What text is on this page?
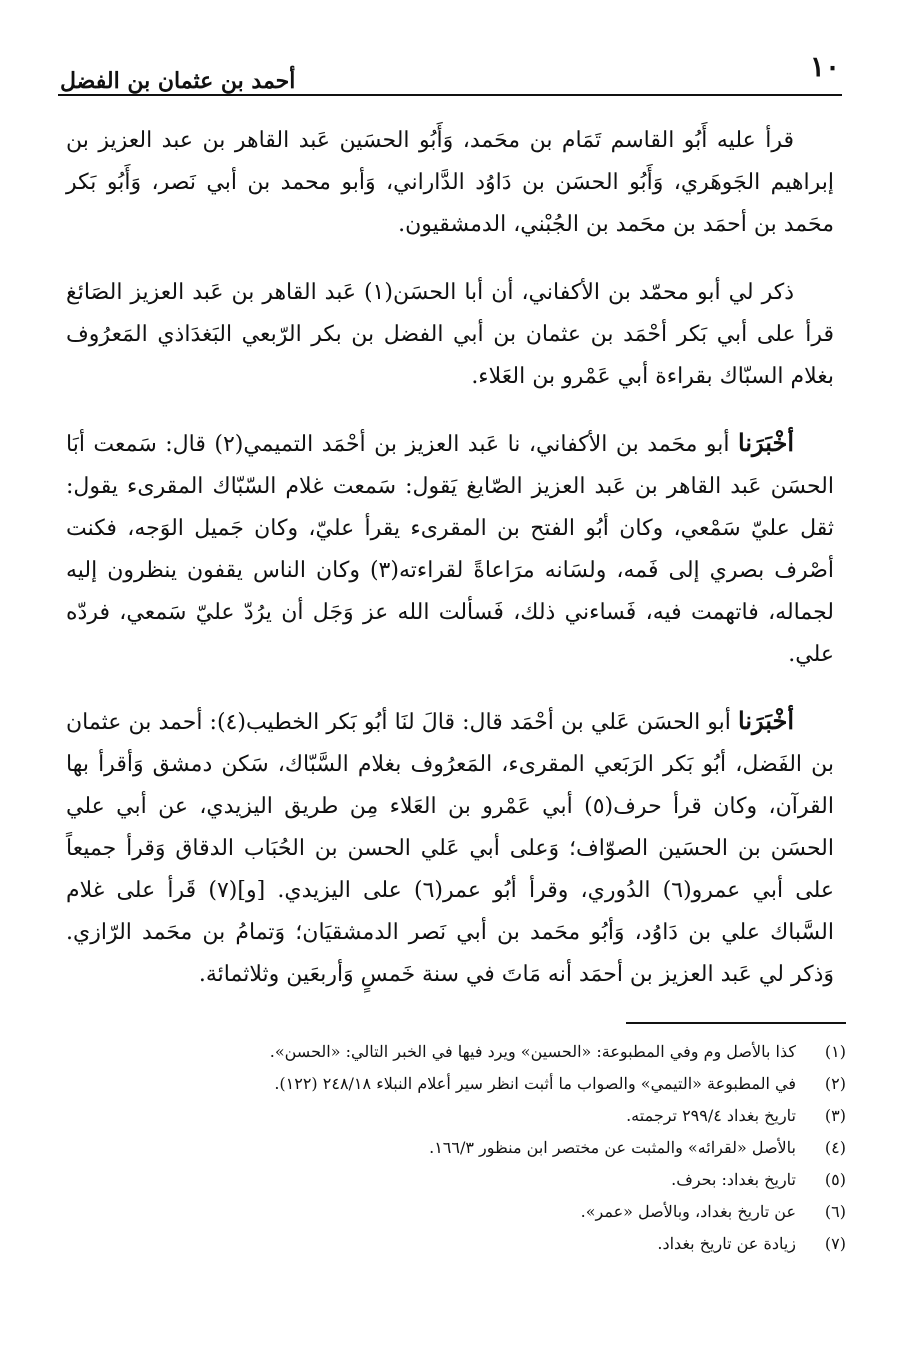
١٠
أحمد بن عثمان بن الفضل

قرأ عليه أَبُو القاسم تَمَام بن محَمد، وَأَبُو الحسَين عَبد القاهر بن عبد العزيز بن إبراهيم الجَوهَري، وَأَبُو الحسَن بن دَاوُد الدَّاراني، وَأبو محمد بن أبي نَصر، وَأَبُو بَكر محَمد بن أحمَد بن محَمد بن الجُبْني، الدمشقيون.

ذكر لي أبو محمّد بن الأكفاني، أن أبا الحسَن(١) عَبد القاهر بن عَبد العزيز الصَائغ قرأ على أبي بَكر أحْمَد بن عثمان بن أبي الفضل بن بكر الرّبعي البَغدَاذي المَعرُوف بغلام السبّاك بقراءة أبي عَمْرو بن العَلاء.

أخْبَرَنا أبو محَمد بن الأكفاني، نا عَبد العزيز بن أحْمَد التميمي(٢) قال: سَمعت أبَا الحسَن عَبد القاهر بن عَبد العزيز الصّايغ يَقول: سَمعت غلام السّبّاك المقرىء يقول: ثقل عليّ سَمْعي، وكان أبُو الفتح بن المقرىء يقرأ عليّ، وكان جَميل الوَجه، فكنت أصْرف بصري إلى فَمه، ولسَانه مرَاعاةً لقراءته(٣) وكان الناس يقفون ينظرون إليه لجماله، فاتهمت فيه، فَساءني ذلك، فَسألت الله عز وَجَل أن يرُدّ عليّ سَمعي، فردّه علي.

أخْبَرَنا أبو الحسَن عَلي بن أحْمَد قال: قالَ لنَا أبُو بَكر الخطيب(٤): أحمد بن عثمان بن الفَضل، أبُو بَكر الرَبَعي المقرىء، المَعرُوف بغلام السَّبّاك، سَكن دمشق وَأقرأ بها القرآن، وكان قرأ حرف(٥) أبي عَمْرو بن العَلاء مِن طريق اليزيدي، عن أبي علي الحسَن بن الحسَين الصوّاف؛ وَعلى أبي عَلي الحسن بن الحُبَاب الدقاق وَقرأ جميعاً على أبي عمرو(٦) الدُوري، وقرأ أبُو عمر(٦) على اليزيدي. [و](٧) قَرأ على غلام السَّباك علي بن دَاوُد، وَأبُو محَمد بن أبي نَصر الدمشقيَان؛ وَتمامُ بن محَمد الرّازي. وَذكر لي عَبد العزيز بن أحمَد أنه مَاتَ في سنة خَمسٍ وَأربعَين وثلاثمائة.

(١)
كذا بالأصل وم وفي المطبوعة: «الحسين» ويرد فيها في الخبر التالي: «الحسن».
(٢)
في المطبوعة «التيمي» والصواب ما أثبت انظر سير أعلام النبلاء ٢٤٨/١٨ (١٢٢).
(٣)
تاريخ بغداد ٢٩٩/٤ ترجمته.
(٤)
بالأصل «لقرائه» والمثبت عن مختصر ابن منظور ١٦٦/٣.
(٥)
تاريخ بغداد: بحرف.
(٦)
عن تاريخ بغداد، وبالأصل «عمر».
(٧)
زيادة عن تاريخ بغداد.
